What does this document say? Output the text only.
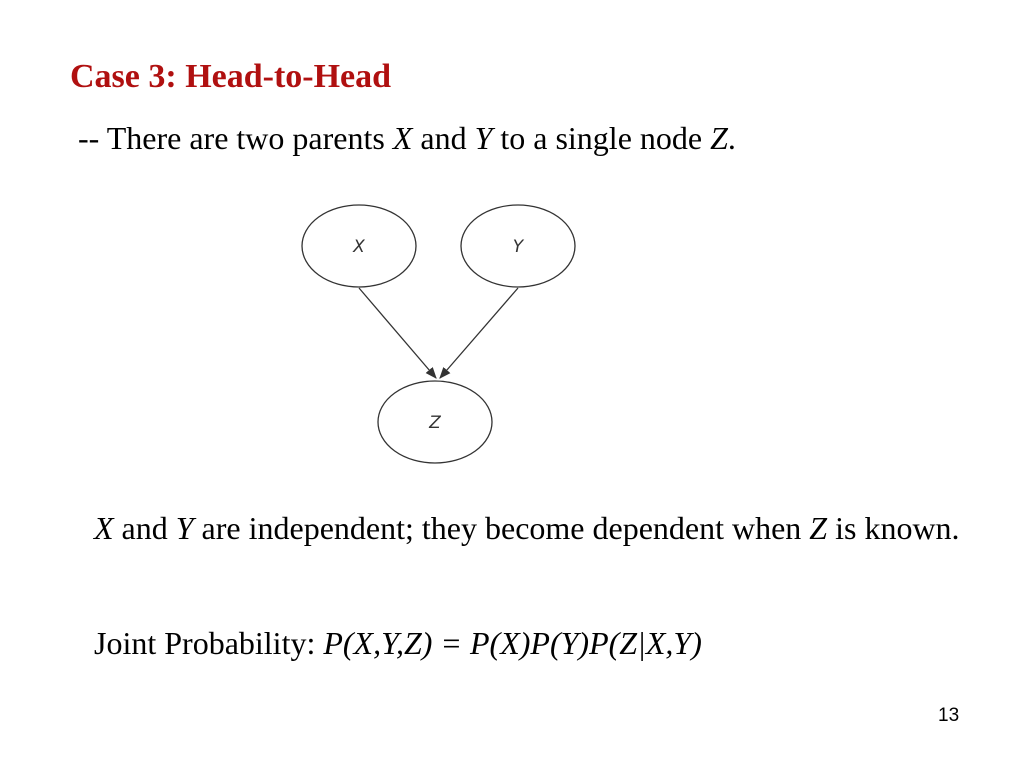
Case 3: Head-to-Head
-- There are two parents X and Y to a single node Z.
X	Y
Z
X and Y are independent; they become dependent when Z is known.
Joint Probability: P(X,Y,Z) = P(X)P(Y)P(Z|X,Y)
13
